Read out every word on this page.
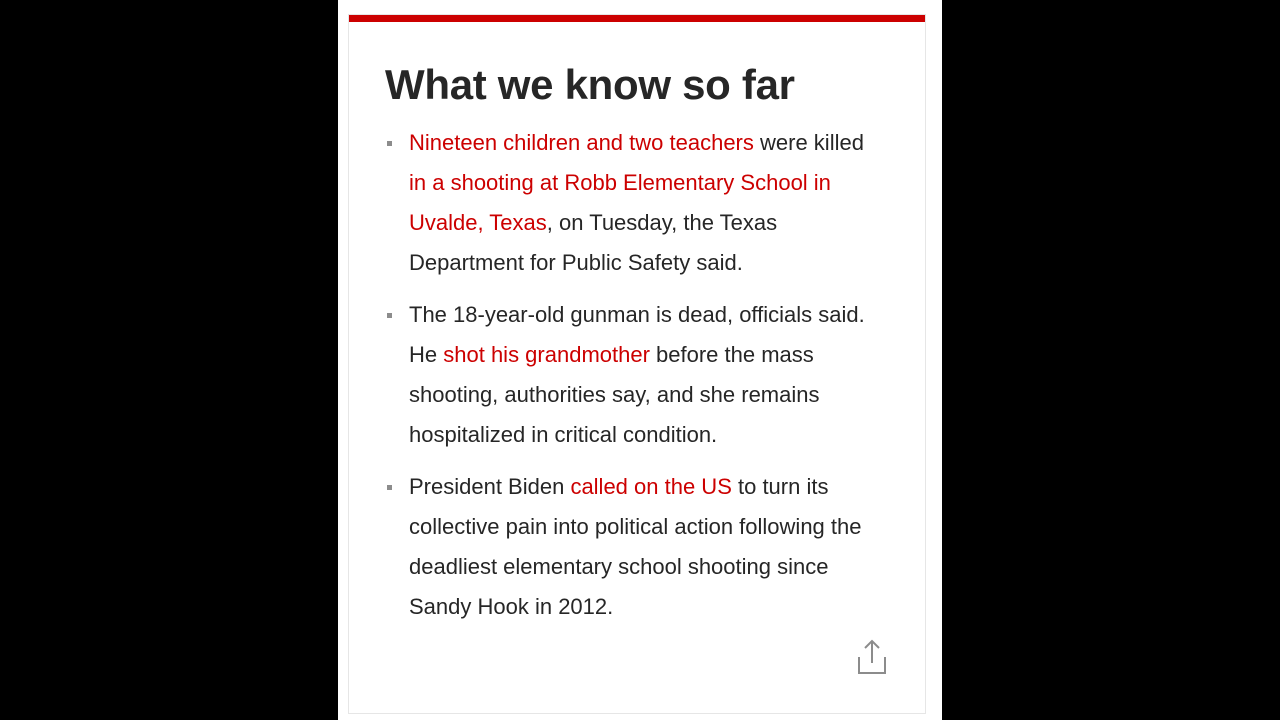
What we know so far
Nineteen children and two teachers were killed in a shooting at Robb Elementary School in Uvalde, Texas, on Tuesday, the Texas Department for Public Safety said.
The 18-year-old gunman is dead, officials said. He shot his grandmother before the mass shooting, authorities say, and she remains hospitalized in critical condition.
President Biden called on the US to turn its collective pain into political action following the deadliest elementary school shooting since Sandy Hook in 2012.
